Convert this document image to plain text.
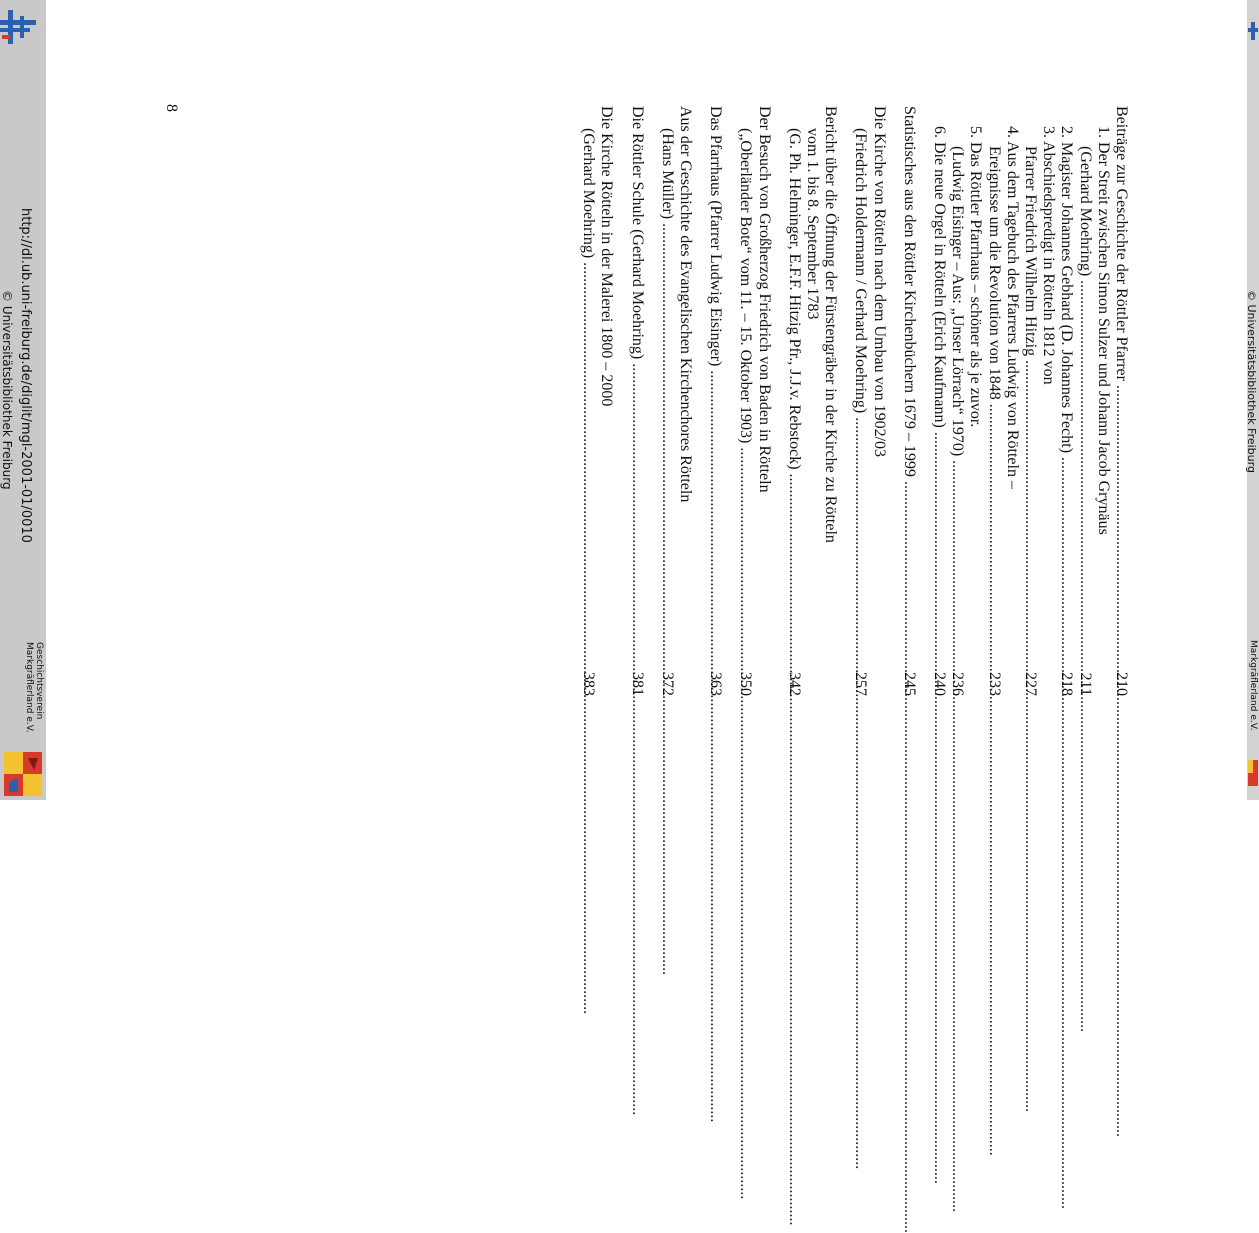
http://dl.ub.uni-freiburg.de/diglit/mgl-2001-01/0010
© Universitätsbibliothek Freiburg
Geschichtsverein
Markgräflerland e.V.
© Universitätsbibliothek Freiburg
Markgräflerland e.V.
8	Beiträge zur Geschichte der Röttler Pfarrer .....
210
1. Der Streit zwischen Simon Sulzer und Johann Jacob Grynäus
(Gerhard Moehring) .....
211
2. Magister Johannes Gebhard (D. Johannes Fecht) .....
218
3. Abschiedspredigt in Rötteln 1812 von
Pfarrer Friedrich Wilhelm Hitzig .....
227
4. Aus dem Tagebuch des Pfarrers Ludwig von Rötteln –
Ereignisse um die Revolution von 1848 .....
233
5. Das Röttler Pfarrhaus – schöner als je zuvor.
(Ludwig Eisinger – Aus: „Unser Lörrach“ 1970) .....
236
6. Die neue Orgel in Rötteln (Erich Kaufmann) .....
240
Statistisches aus den Röttler Kirchenbüchern 1679 – 1999 .....
245
Die Kirche von Rötteln nach dem Umbau von 1902/03
(Friedrich Holdermann / Gerhard Moehring) .....
257
Bericht über die Öffnung der Fürstengräber in der Kirche zu Rötteln
vom 1. bis 8. September 1783
(G. Ph. Helminger, E.F.F. Hitzig Pfr., J.J.v. Rebstock) .....
342
Der Besuch von Großherzog Friedrich von Baden in Rötteln
(„Oberländer Bote“ vom 11. – 15. Oktober 1903) .....
350
Das Pfarrhaus (Pfarrer Ludwig Eisinger) .....
363
Aus der Geschichte des Evangelischen Kirchenchores Rötteln
(Hans Müller) .....
372
Die Röttler Schule (Gerhard Moehring) .....
381
Die Kirche Rötteln in der Malerei 1800 – 2000
(Gerhard Moehring) .....
383
